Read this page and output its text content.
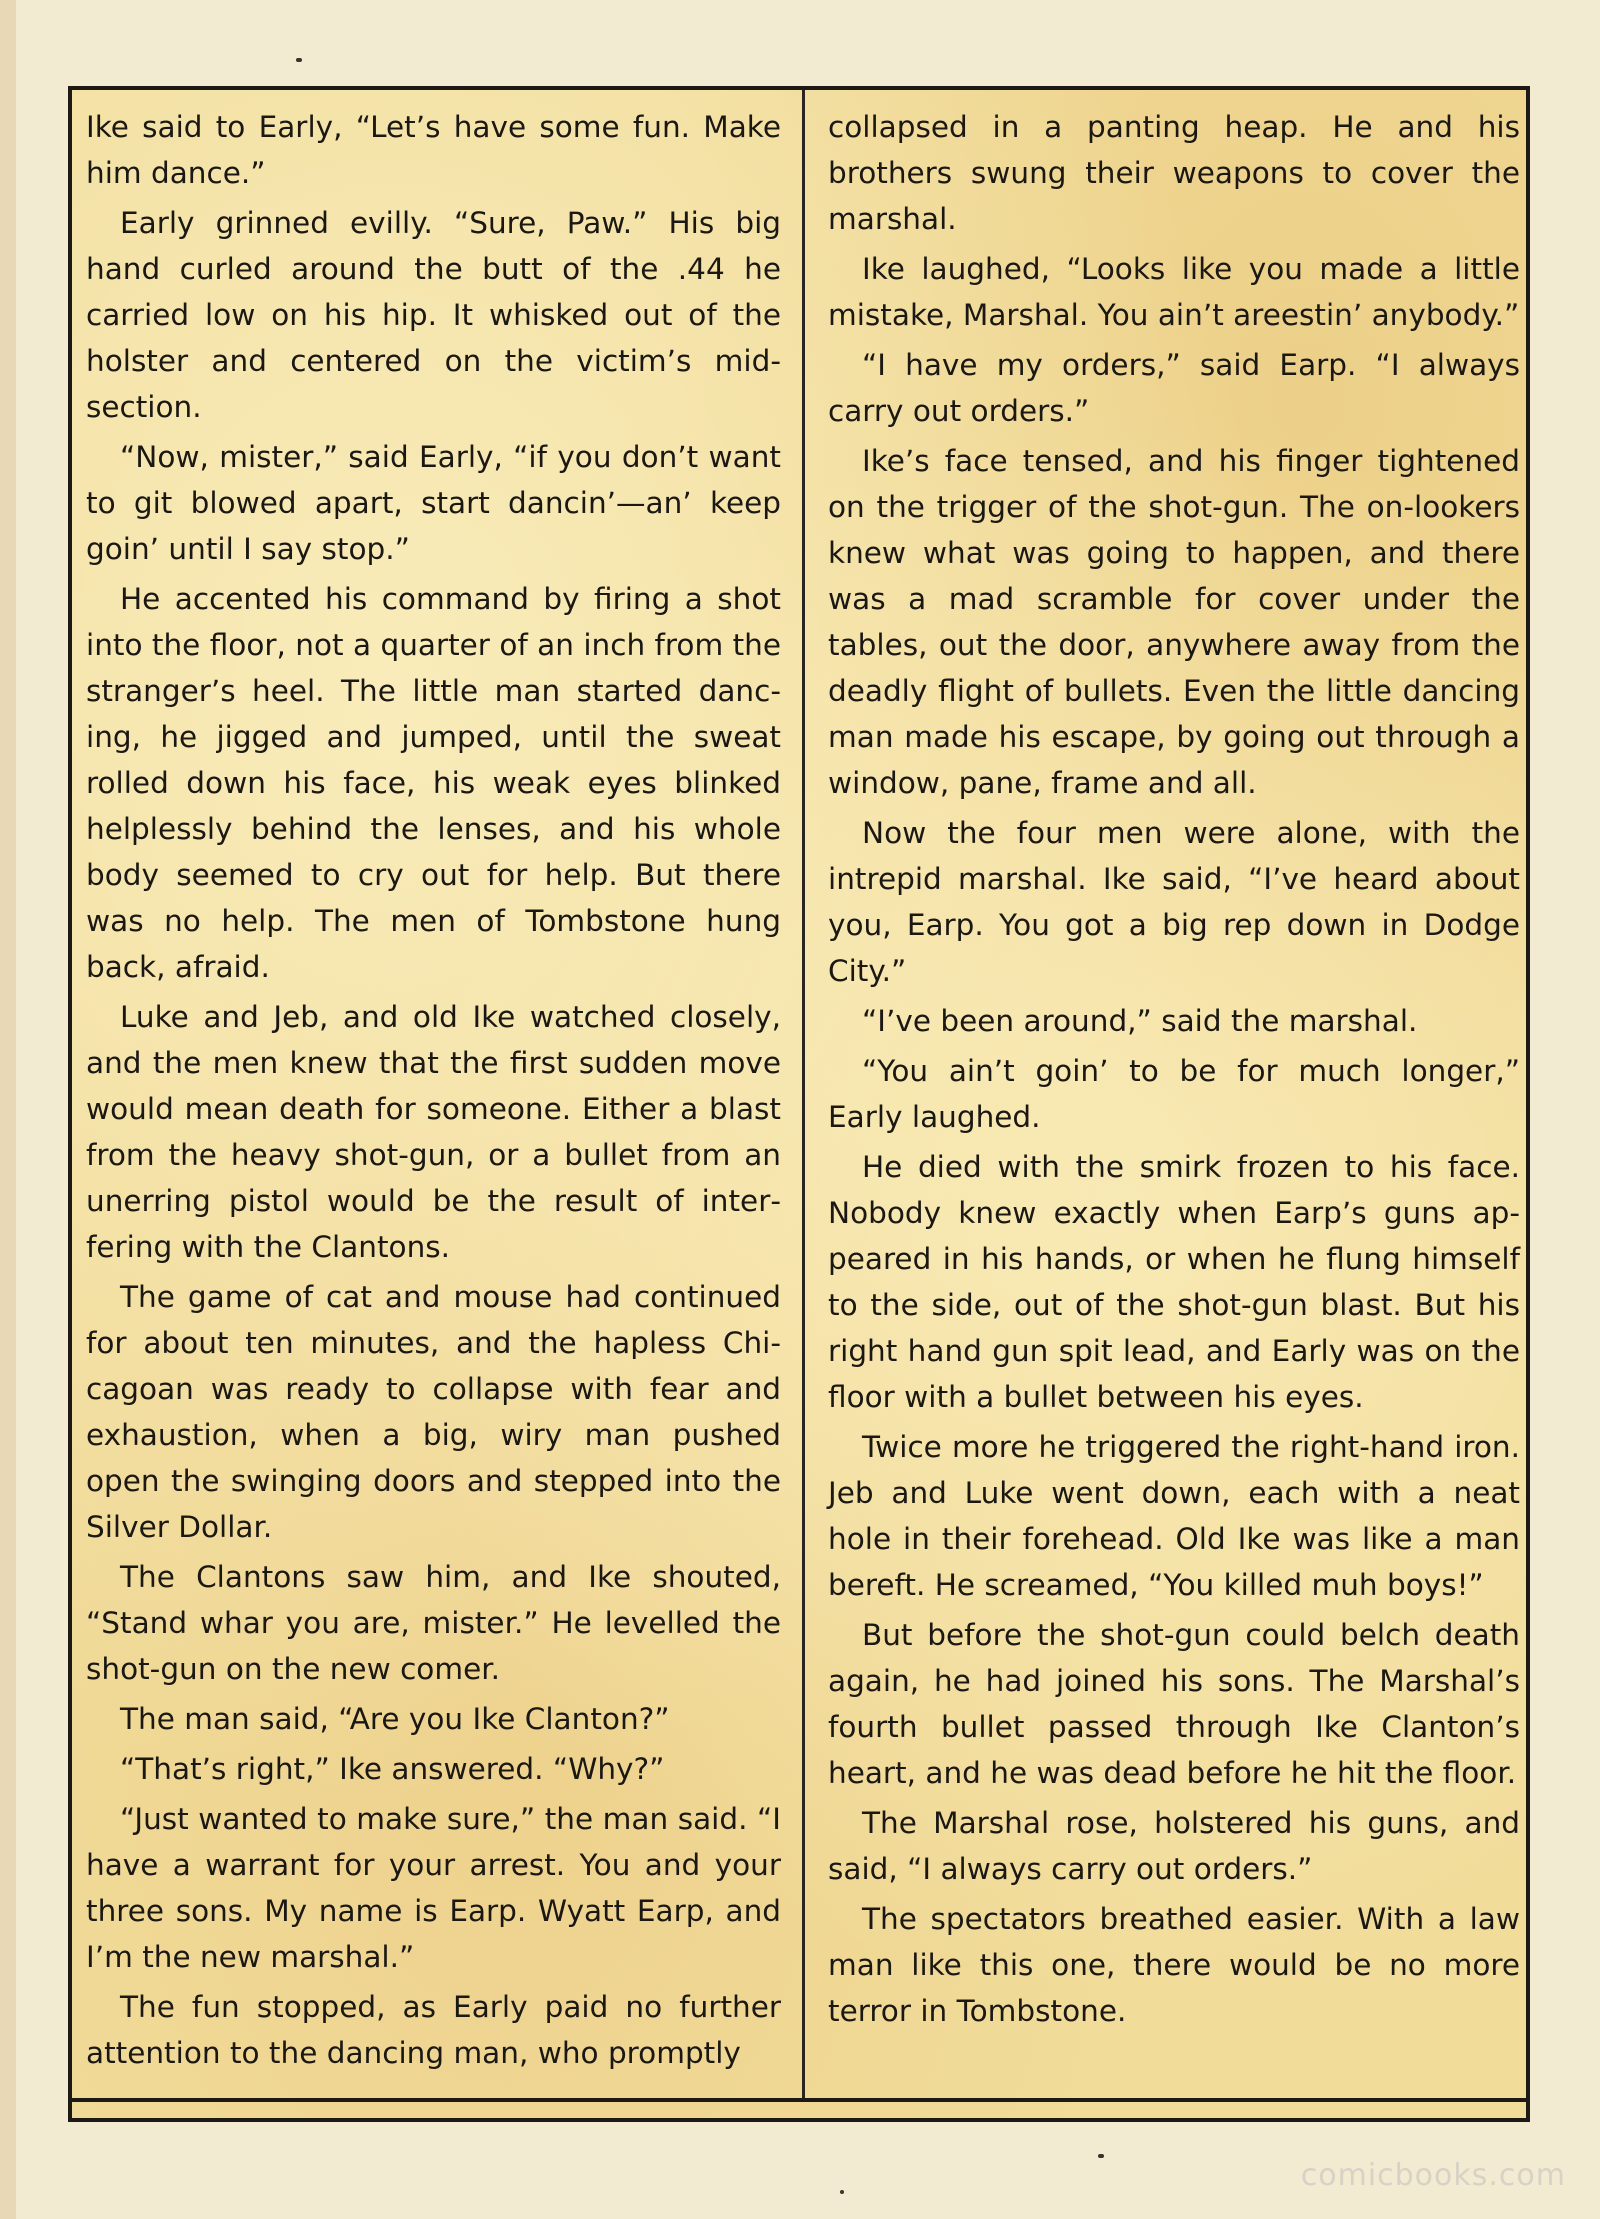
Ike said to Early, “Let’s have some fun. Make him dance.”

Early grinned evilly. “Sure, Paw.” His big hand curled around the butt of the .44 he carried low on his hip. It whisked out of the holster and centered on the victim’s midsection.

“Now, mister,” said Early, “if you don’t want to git blowed apart, start dancin’—an’ keep goin’ until I say stop.”

He accented his command by firing a shot into the floor, not a quarter of an inch from the stranger’s heel. The little man started dancing, he jigged and jumped, until the sweat rolled down his face, his weak eyes blinked helplessly behind the lenses, and his whole body seemed to cry out for help. But there was no help. The men of Tombstone hung back, afraid.

Luke and Jeb, and old Ike watched closely, and the men knew that the first sudden move would mean death for someone. Either a blast from the heavy shot-gun, or a bullet from an unerring pistol would be the result of interfering with the Clantons.

The game of cat and mouse had continued for about ten minutes, and the hapless Chicagoan was ready to collapse with fear and exhaustion, when a big, wiry man pushed open the swinging doors and stepped into the Silver Dollar.

The Clantons saw him, and Ike shouted, “Stand whar you are, mister.” He levelled the shot-gun on the new comer.

The man said, “Are you Ike Clanton?”

“That’s right,” Ike answered. “Why?”

“Just wanted to make sure,” the man said. “I have a warrant for your arrest. You and your three sons. My name is Earp. Wyatt Earp, and I’m the new marshal.”

The fun stopped, as Early paid no further attention to the dancing man, who promptly

collapsed in a panting heap. He and his brothers swung their weapons to cover the marshal.

Ike laughed, “Looks like you made a little mistake, Marshal. You ain’t areestin’ anybody.”

“I have my orders,” said Earp. “I always carry out orders.”

Ike’s face tensed, and his finger tightened on the trigger of the shot-gun. The on-lookers knew what was going to happen, and there was a mad scramble for cover under the tables, out the door, anywhere away from the deadly flight of bullets. Even the little dancing man made his escape, by going out through a window, pane, frame and all.

Now the four men were alone, with the intrepid marshal. Ike said, “I’ve heard about you, Earp. You got a big rep down in Dodge City.”

“I’ve been around,” said the marshal.

“You ain’t goin’ to be for much longer,” Early laughed.

He died with the smirk frozen to his face. Nobody knew exactly when Earp’s guns appeared in his hands, or when he flung himself to the side, out of the shot-gun blast. But his right hand gun spit lead, and Early was on the floor with a bullet between his eyes.

Twice more he triggered the right-hand iron. Jeb and Luke went down, each with a neat hole in their forehead. Old Ike was like a man bereft. He screamed, “You killed muh boys!”

But before the shot-gun could belch death again, he had joined his sons. The Marshal’s fourth bullet passed through Ike Clanton’s heart, and he was dead before he hit the floor.

The Marshal rose, holstered his guns, and said, “I always carry out orders.”

The spectators breathed easier. With a law man like this one, there would be no more terror in Tombstone.

comicbooks.com
